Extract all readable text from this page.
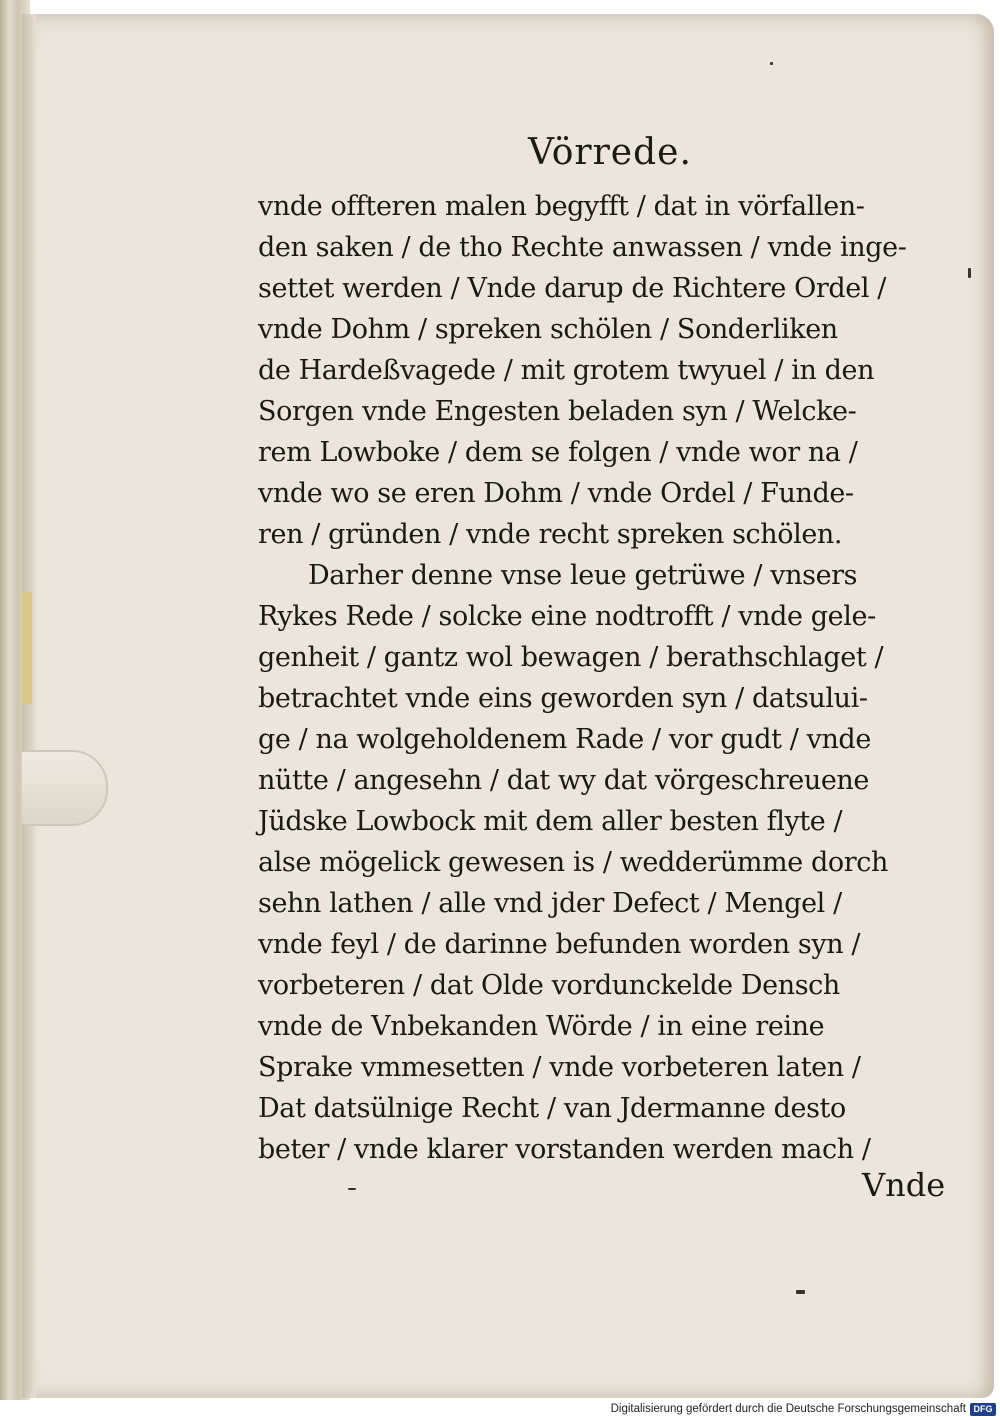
Vörrede.
vnde offteren malen begyfft / dat in vörfallen-
den saken / de tho Rechte anwassen / vnde inge-
settet werden / Vnde darup de Richtere Ordel /
vnde Dohm / spreken schölen / Sonderliken
de Hardeßvagede / mit grotem twyuel / in den
Sorgen vnde Engesten beladen syn / Welcke-
rem Lowboke / dem se folgen / vnde wor na /
vnde wo se eren Dohm / vnde Ordel / Funde-
ren / gründen / vnde recht spreken schölen.
Darher denne vnse leue getrüwe / vnsers
Rykes Rede / solcke eine nodtrofft / vnde gele-
genheit / gantz wol bewagen / berathschlaget /
betrachtet vnde eins geworden syn / datsului-
ge / na wolgeholdenem Rade / vor gudt / vnde
nütte / angesehn / dat wy dat vörgeschreuene
Jüdske Lowbock mit dem aller besten flyte /
alse mögelick gewesen is / wedderümme dorch
sehn lathen / alle vnd jder Defect / Mengel /
vnde feyl / de darinne befunden worden syn /
vorbeteren / dat Olde vordunckelde Densch
vnde de Vnbekanden Wörde / in eine reine
Sprake vmmesetten / vnde vorbeteren laten /
Dat datsülnige Recht / van Jdermanne desto
beter / vnde klarer vorstanden werden mach /
Vnde
Digitalisierung gefördert durch die Deutsche Forschungsgemeinschaft DFG
